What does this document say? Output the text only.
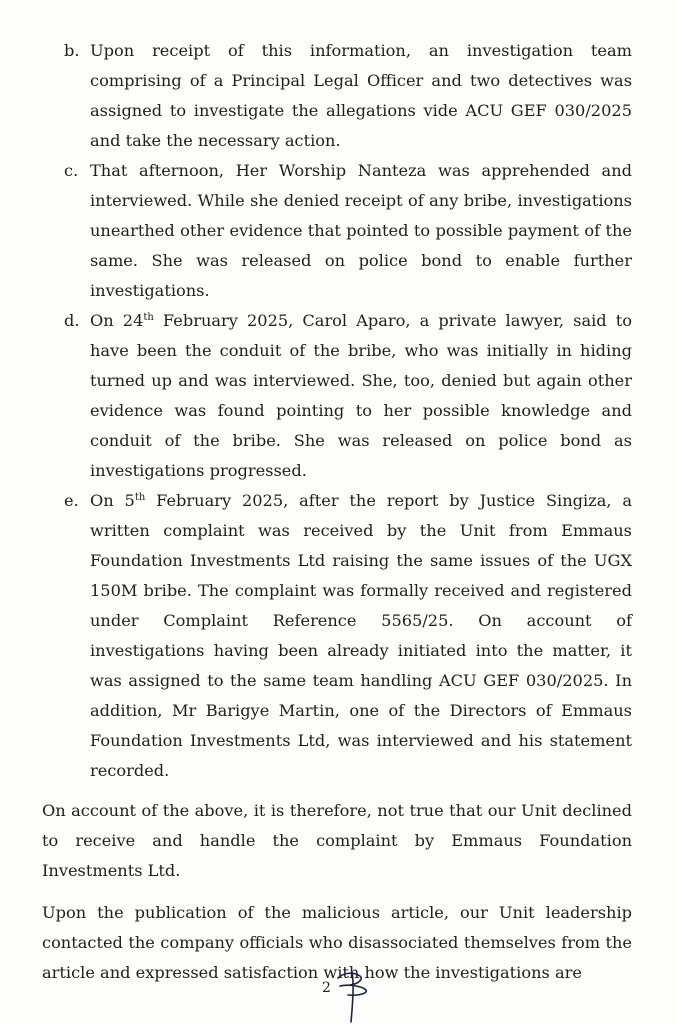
b. Upon receipt of this information, an investigation team comprising of a Principal Legal Officer and two detectives was assigned to investigate the allegations vide ACU GEF 030/2025 and take the necessary action.
c. That afternoon, Her Worship Nanteza was apprehended and interviewed. While she denied receipt of any bribe, investigations unearthed other evidence that pointed to possible payment of the same. She was released on police bond to enable further investigations.
d. On 24th February 2025, Carol Aparo, a private lawyer, said to have been the conduit of the bribe, who was initially in hiding turned up and was interviewed. She, too, denied but again other evidence was found pointing to her possible knowledge and conduit of the bribe. She was released on police bond as investigations progressed.
e. On 5th February 2025, after the report by Justice Singiza, a written complaint was received by the Unit from Emmaus Foundation Investments Ltd raising the same issues of the UGX 150M bribe. The complaint was formally received and registered under Complaint Reference 5565/25. On account of investigations having been already initiated into the matter, it was assigned to the same team handling ACU GEF 030/2025. In addition, Mr Barigye Martin, one of the Directors of Emmaus Foundation Investments Ltd, was interviewed and his statement recorded.

On account of the above, it is therefore, not true that our Unit declined to receive and handle the complaint by Emmaus Foundation Investments Ltd.

Upon the publication of the malicious article, our Unit leadership contacted the company officials who disassociated themselves from the article and expressed satisfaction with how the investigations are

2
